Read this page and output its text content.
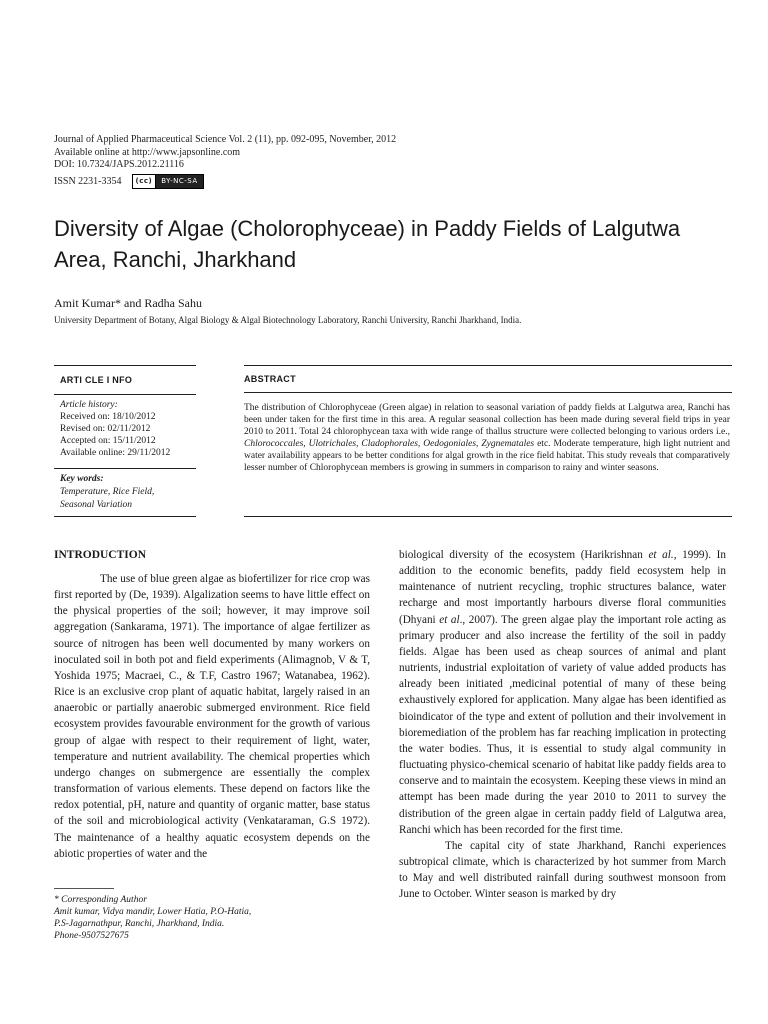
Journal of Applied Pharmaceutical Science Vol. 2 (11), pp. 092-095, November, 2012
Available online at http://www.japsonline.com
DOI: 10.7324/JAPS.2012.21116
ISSN 2231-3354	(cc)	BY-NC-SA
Diversity of Algae (Cholorophyceae) in Paddy Fields of Lalgutwa Area, Ranchi, Jharkhand
Amit Kumar* and Radha Sahu
University Department of Botany, Algal Biology & Algal Biotechnology Laboratory, Ranchi University, Ranchi Jharkhand, India.
ARTI CLE I NFO	ABSTRACT
Article history:
Received on: 18/10/2012
Revised on: 02/11/2012
Accepted on: 15/11/2012
Available online: 29/11/2012
Key words:
Temperature, Rice Field,
Seasonal Variation
The distribution of Chlorophyceae (Green algae) in relation to seasonal variation of paddy fields at Lalgutwa area, Ranchi has been under taken for the first time in this area. A regular seasonal collection has been made during several field trips in year 2010 to 2011. Total 24 chlorophycean taxa with wide range of thallus structure were collected belonging to various orders i.e., Chlorococcales, Ulotrichales, Cladophorales, Oedogoniales, Zygnematales etc. Moderate temperature, high light nutrient and water availability appears to be better conditions for algal growth in the rice field habitat. This study reveals that comparatively lesser number of Chlorophycean members is growing in summers in comparison to rainy and winter seasons.
INTRODUCTION

The use of blue green algae as biofertilizer for rice crop was first reported by (De, 1939). Algalization seems to have little effect on the physical properties of the soil; however, it may improve soil aggregation (Sankarama, 1971). The importance of algae fertilizer as source of nitrogen has been well documented by many workers on inoculated soil in both pot and field experiments (Alimagnob, V & T, Yoshida 1975; Macraei, C., & T.F, Castro 1967; Watanabea, 1962). Rice is an exclusive crop plant of aquatic habitat, largely raised in an anaerobic or partially anaerobic submerged environment. Rice field ecosystem provides favourable environment for the growth of various group of algae with respect to their requirement of light, water, temperature and nutrient availability. The chemical properties which undergo changes on submergence are essentially the complex transformation of various elements. These depend on factors like the redox potential, pH, nature and quantity of organic matter, base status of the soil and microbiological activity (Venkataraman, G.S 1972). The maintenance of a healthy aquatic ecosystem depends on the abiotic properties of water and the

* Corresponding Author
Amit kumar, Vidya mandir, Lower Hatia, P.O-Hatia,
P.S-Jagarnathpur, Ranchi, Jharkhand, India.
Phone-9507527675

biological diversity of the ecosystem (Harikrishnan et al., 1999). In addition to the economic benefits, paddy field ecosystem help in maintenance of nutrient recycling, trophic structures balance, water recharge and most importantly harbours diverse floral communities (Dhyani et al., 2007). The green algae play the important role acting as primary producer and also increase the fertility of the soil in paddy fields. Algae has been used as cheap sources of animal and plant nutrients, industrial exploitation of variety of value added products has already been initiated ,medicinal potential of many of these being exhaustively explored for application. Many algae has been identified as bioindicator of the type and extent of pollution and their involvement in bioremediation of the problem has far reaching implication in protecting the water bodies. Thus, it is essential to study algal community in fluctuating physico-chemical scenario of habitat like paddy fields area to conserve and to maintain the ecosystem. Keeping these views in mind an attempt has been made during the year 2010 to 2011 to survey the distribution of the green algae in certain paddy field of Lalgutwa area, Ranchi which has been recorded for the first time.

The capital city of state Jharkhand, Ranchi experiences subtropical climate, which is characterized by hot summer from March to May and well distributed rainfall during southwest monsoon from June to October. Winter season is marked by dry
